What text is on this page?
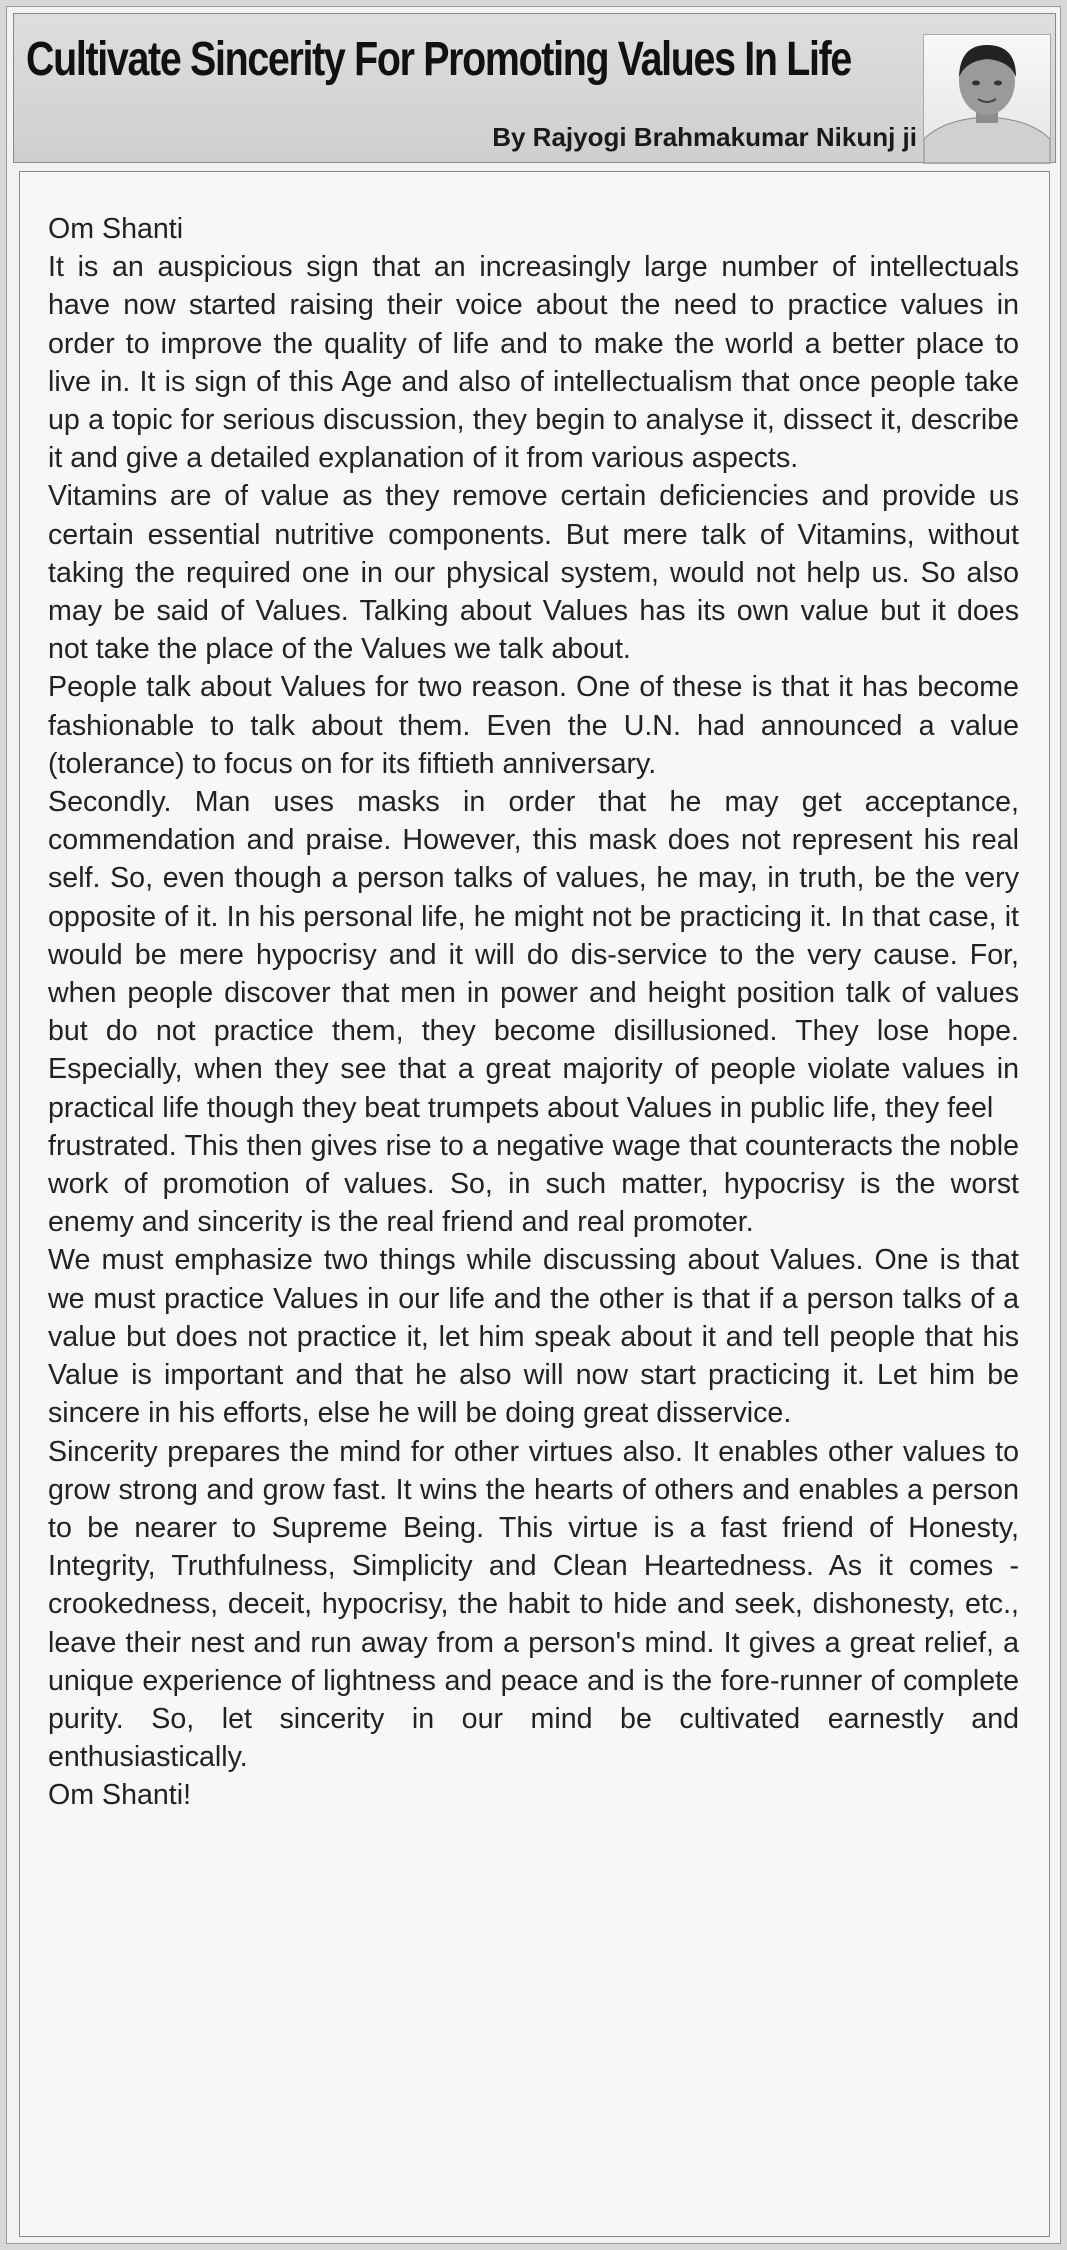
Cultivate Sincerity For Promoting Values In Life
By Rajyogi Brahmakumar Nikunj ji

Om Shanti

It is an auspicious sign that an increasingly large number of intellectuals have now started raising their voice about the need to practice values in order to improve the quality of life and to make the world a better place to live in. It is sign of this Age and also of intellectualism that once people take up a topic for serious discussion, they begin to analyse it, dissect it, describe it and give a detailed explanation of it from various aspects.

Vitamins are of value as they remove certain deficiencies and provide us certain essential nutritive components. But mere talk of Vitamins, without taking the required one in our physical system, would not help us. So also may be said of Values. Talking about Values has its own value but it does not take the place of the Values we talk about.

People talk about Values for two reason. One of these is that it has become fashionable to talk about them. Even the U.N. had announced a value (tolerance) to focus on for its fiftieth anniversary.

Secondly. Man uses masks in order that he may get acceptance, commendation and praise. However, this mask does not represent his real self. So, even though a person talks of values, he may, in truth, be the very opposite of it. In his personal life, he might not be practicing it. In that case, it would be mere hypocrisy and it will do dis-service to the very cause. For, when people discover that men in power and height position talk of values but do not practice them, they become disillusioned. They lose hope. Especially, when they see that a great majority of people violate values in practical life though they beat trumpets about Values in public life, they feel

frustrated. This then gives rise to a negative wage that counteracts the noble work of promotion of values. So, in such matter, hypocrisy is the worst enemy and sincerity is the real friend and real promoter.

We must emphasize two things while discussing about Values. One is that we must practice Values in our life and the other is that if a person talks of a value but does not practice it, let him speak about it and tell people that his Value is important and that he also will now start practicing it. Let him be sincere in his efforts, else he will be doing great disservice.

Sincerity prepares the mind for other virtues also. It enables other values to grow strong and grow fast. It wins the hearts of others and enables a person to be nearer to Supreme Being. This virtue is a fast friend of Honesty, Integrity, Truthfulness, Simplicity and Clean Heartedness. As it comes - crookedness, deceit, hypocrisy, the habit to hide and seek, dishonesty, etc., leave their nest and run away from a person's mind. It gives a great relief, a unique experience of lightness and peace and is the fore-runner of complete purity. So, let sincerity in our mind be cultivated earnestly and enthusiastically.

Om Shanti!
